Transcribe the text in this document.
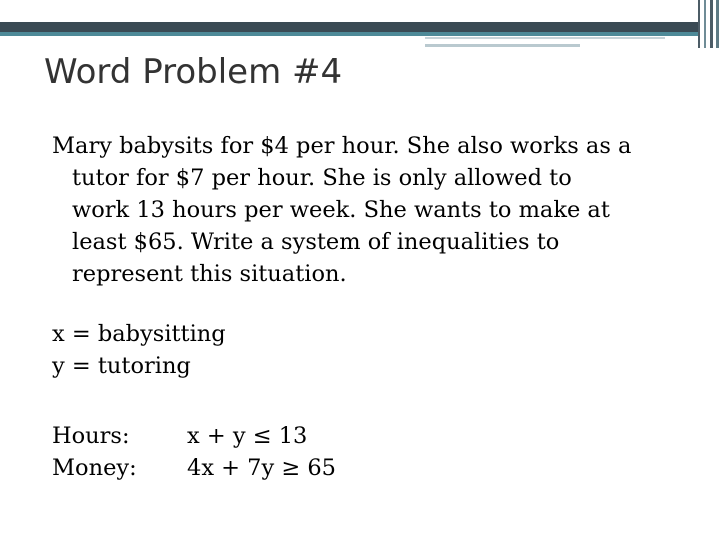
Word Problem #4

Mary babysits for $4 per hour. She also works as a
tutor for $7 per hour. She is only allowed to
work 13 hours per week. She wants to make at
least $65. Write a system of inequalities to
represent this situation.

x = babysitting
y = tutoring
Hours:	x + y ≤ 13
Money:	4x + 7y ≥ 65
